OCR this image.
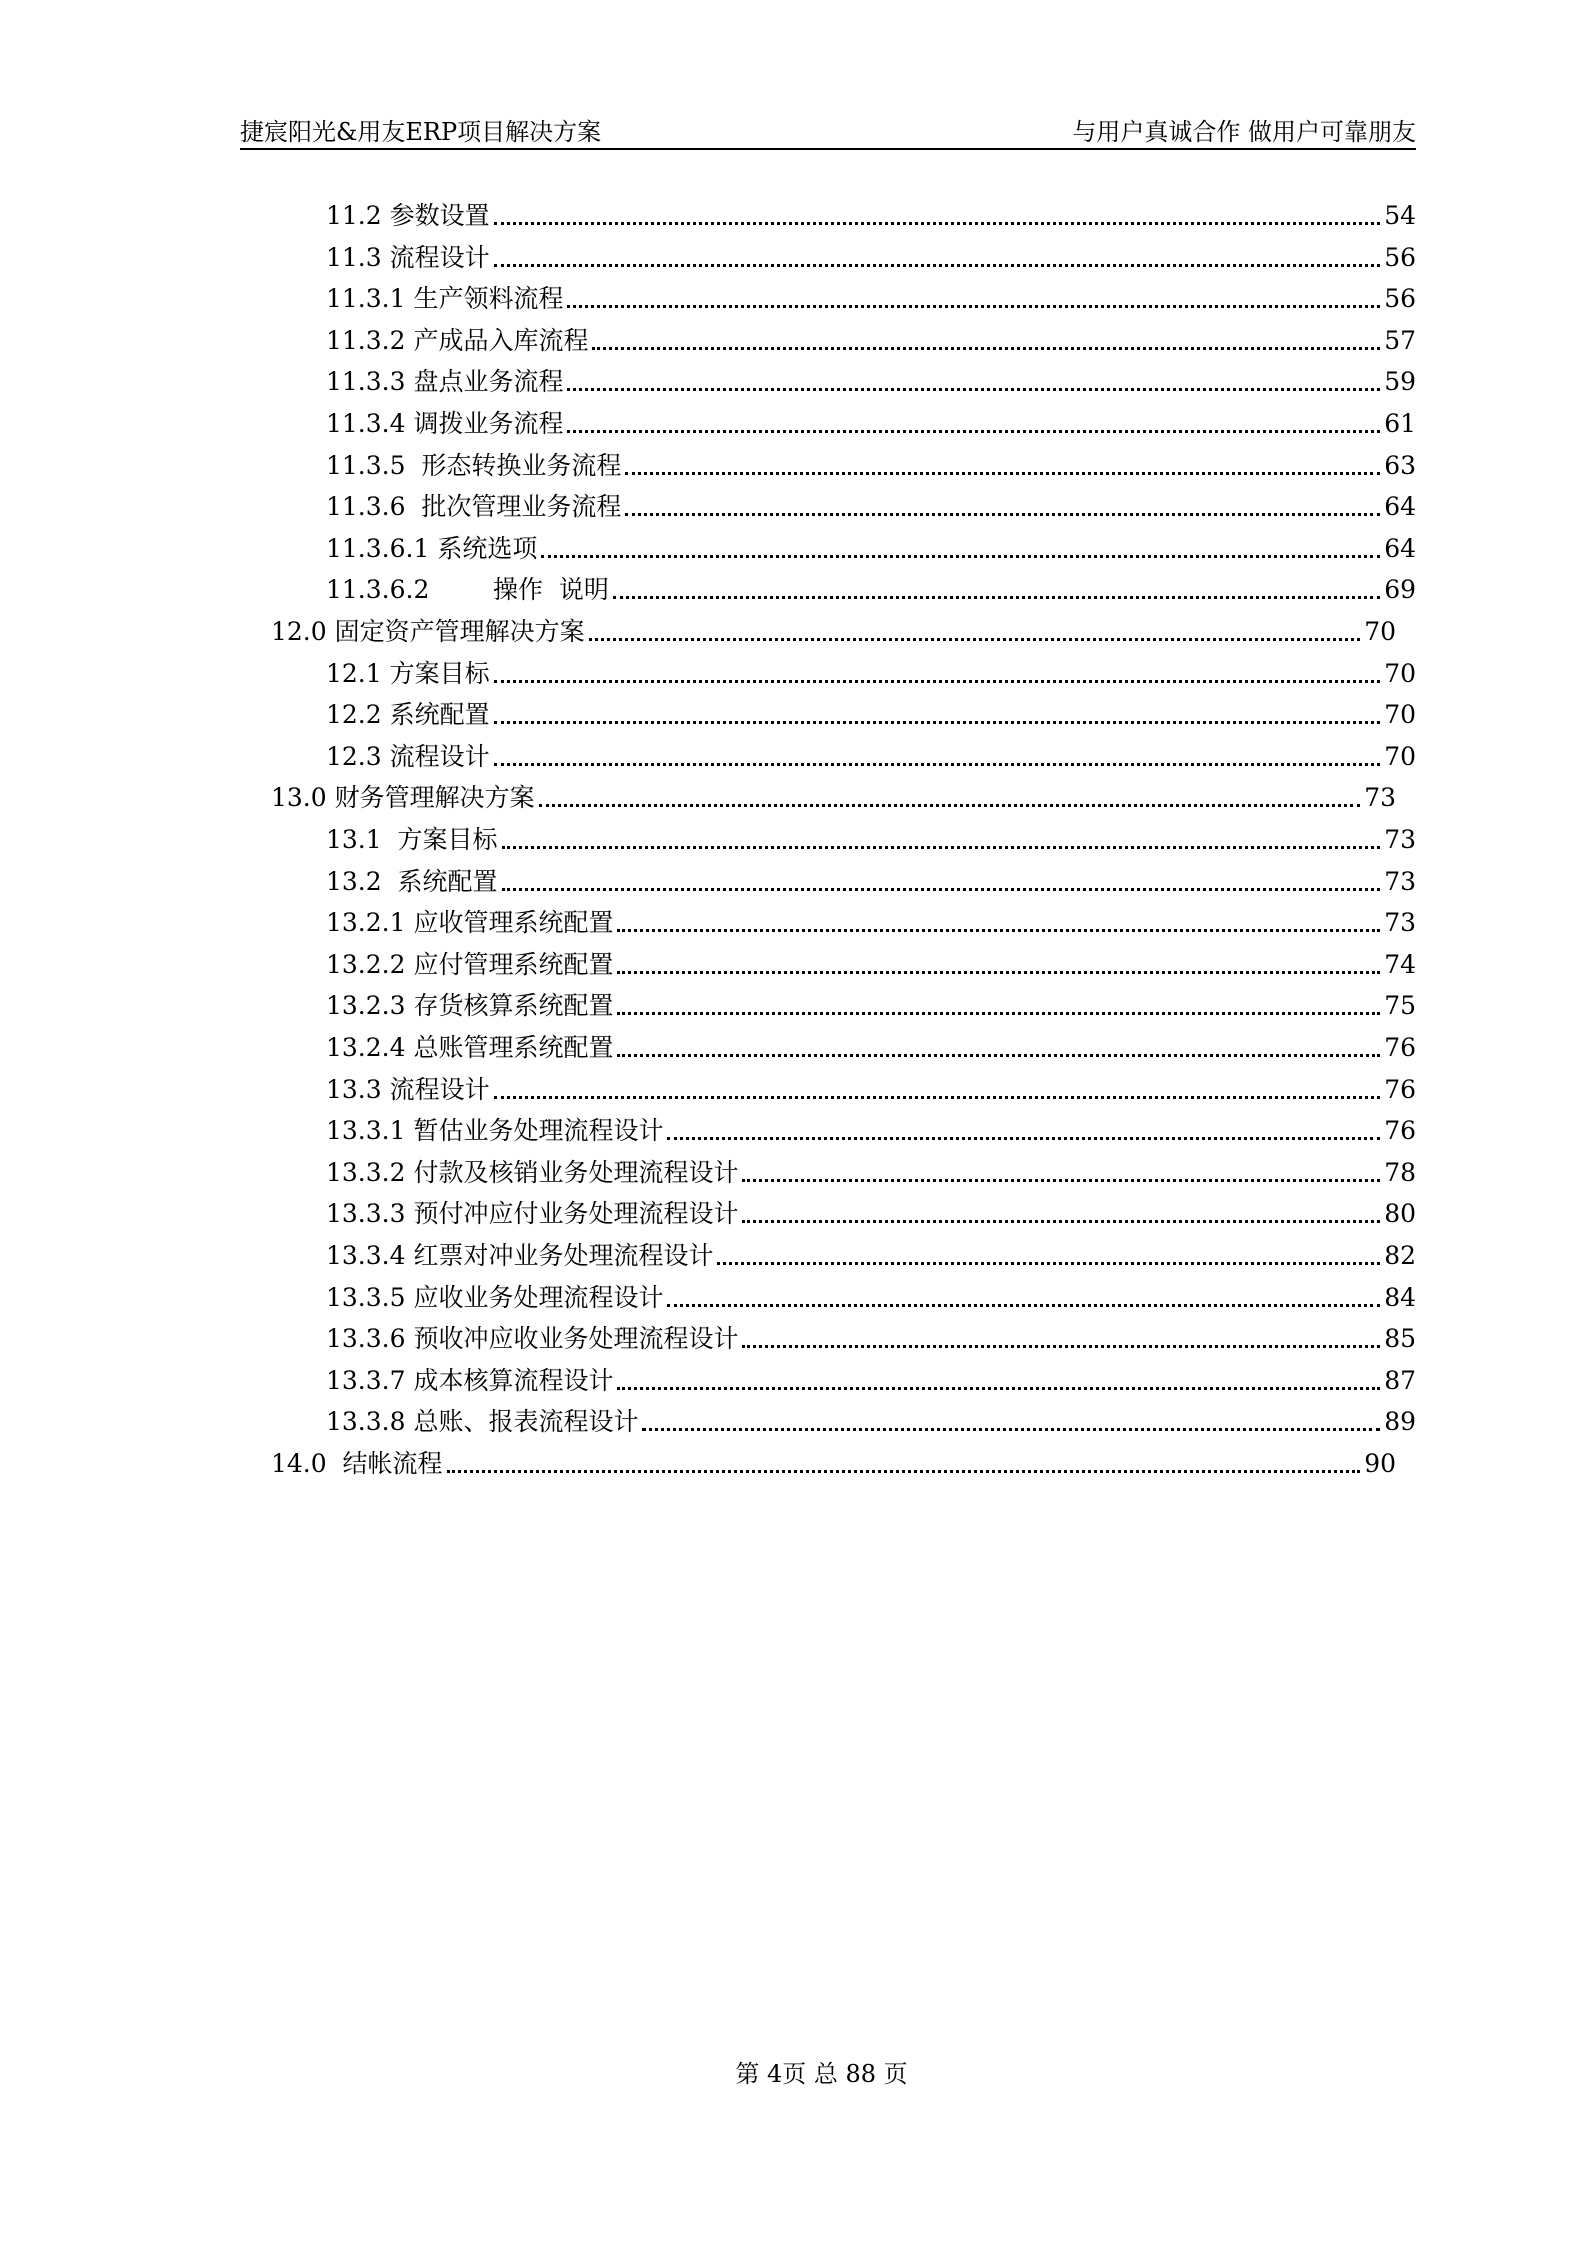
捷宸阳光&用友ERP项目解决方案	与用户真诚合作 做用户可靠朋友
11.2 参数设置	54
11.3 流程设计	56
11.3.1 生产领料流程	56
11.3.2 产成品入库流程	57
11.3.3 盘点业务流程	59
11.3.4 调拨业务流程	61
11.3.5  形态转换业务流程	63
11.3.6  批次管理业务流程	64
11.3.6.1 系统选项	64
11.3.6.2        操作  说明	69
12.0 固定资产管理解决方案	70
12.1 方案目标	70
12.2 系统配置	70
12.3 流程设计	70
13.0 财务管理解决方案	73
13.1  方案目标	73
13.2  系统配置	73
13.2.1 应收管理系统配置	73
13.2.2 应付管理系统配置	74
13.2.3 存货核算系统配置	75
13.2.4 总账管理系统配置	76
13.3 流程设计	76
13.3.1 暂估业务处理流程设计	76
13.3.2 付款及核销业务处理流程设计	78
13.3.3 预付冲应付业务处理流程设计	80
13.3.4 红票对冲业务处理流程设计	82
13.3.5 应收业务处理流程设计	84
13.3.6 预收冲应收业务处理流程设计	85
13.3.7 成本核算流程设计	87
13.3.8 总账、报表流程设计	89
14.0  结帐流程	90
第 4页 总 88 页
